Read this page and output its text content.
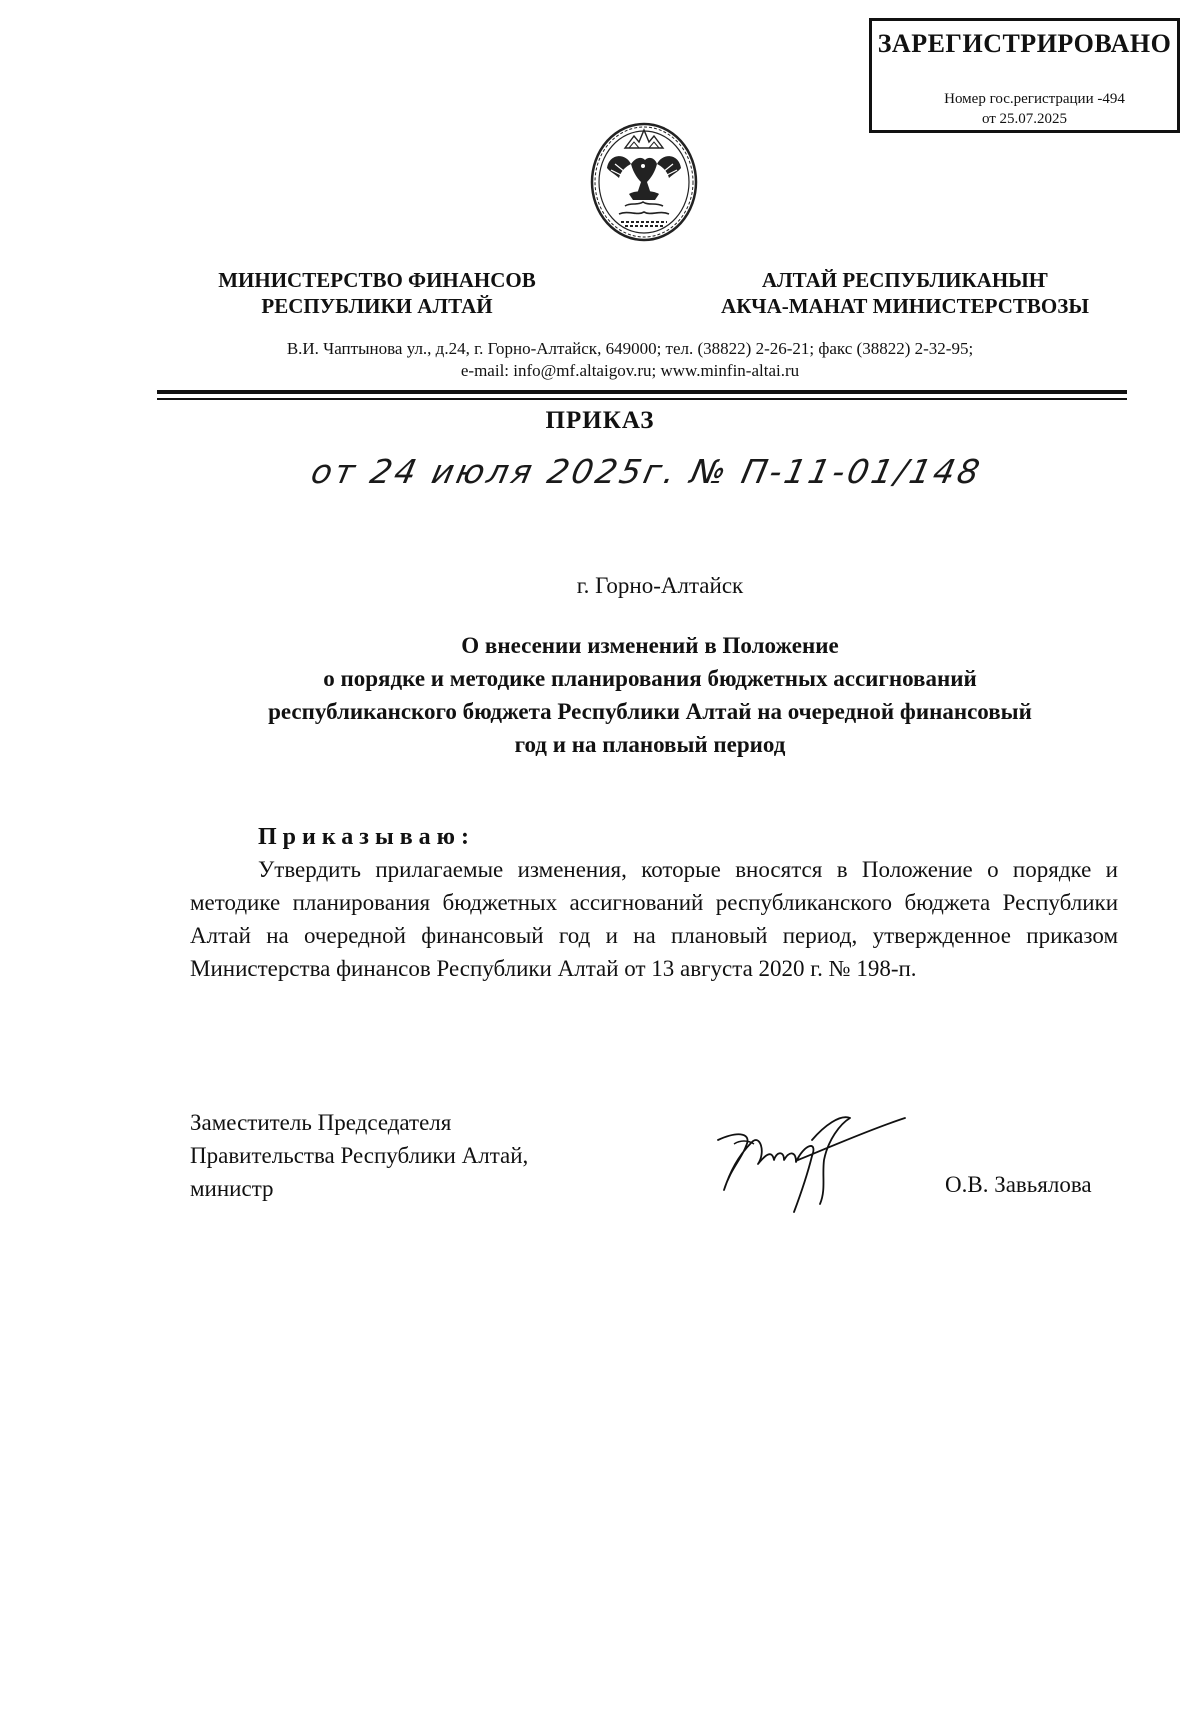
ЗАРЕГИСТРИРОВАНО
Номер гос.регистрации -494
от 25.07.2025
МИНИСТЕРСТВО ФИНАНСОВ
РЕСПУБЛИКИ АЛТАЙ
АЛТАЙ РЕСПУБЛИКАНЫҤ
АКЧА-МАНАТ МИНИСТЕРСТВОЗЫ
В.И. Чаптынова ул., д.24, г. Горно-Алтайск, 649000; тел. (38822) 2-26-21; факс (38822) 2-32-95;
e-mail: info@mf.altaigov.ru; www.minfin-altai.ru
ПРИКАЗ
от 24 июля 2025г. № П-11-01/148
г. Горно-Алтайск
О внесении изменений в Положение
о порядке и методике планирования бюджетных ассигнований
республиканского бюджета Республики Алтай на очередной финансовый
год и на плановый период
Приказываю:
Утвердить прилагаемые изменения, которые вносятся в Положение о порядке и методике планирования бюджетных ассигнований республиканского бюджета Республики Алтай на очередной финансовый год и на плановый период, утвержденное приказом Министерства финансов Республики Алтай от 13 августа 2020 г. № 198-п.
Заместитель Председателя
Правительства Республики Алтай,
министр	О.В. Завьялова
